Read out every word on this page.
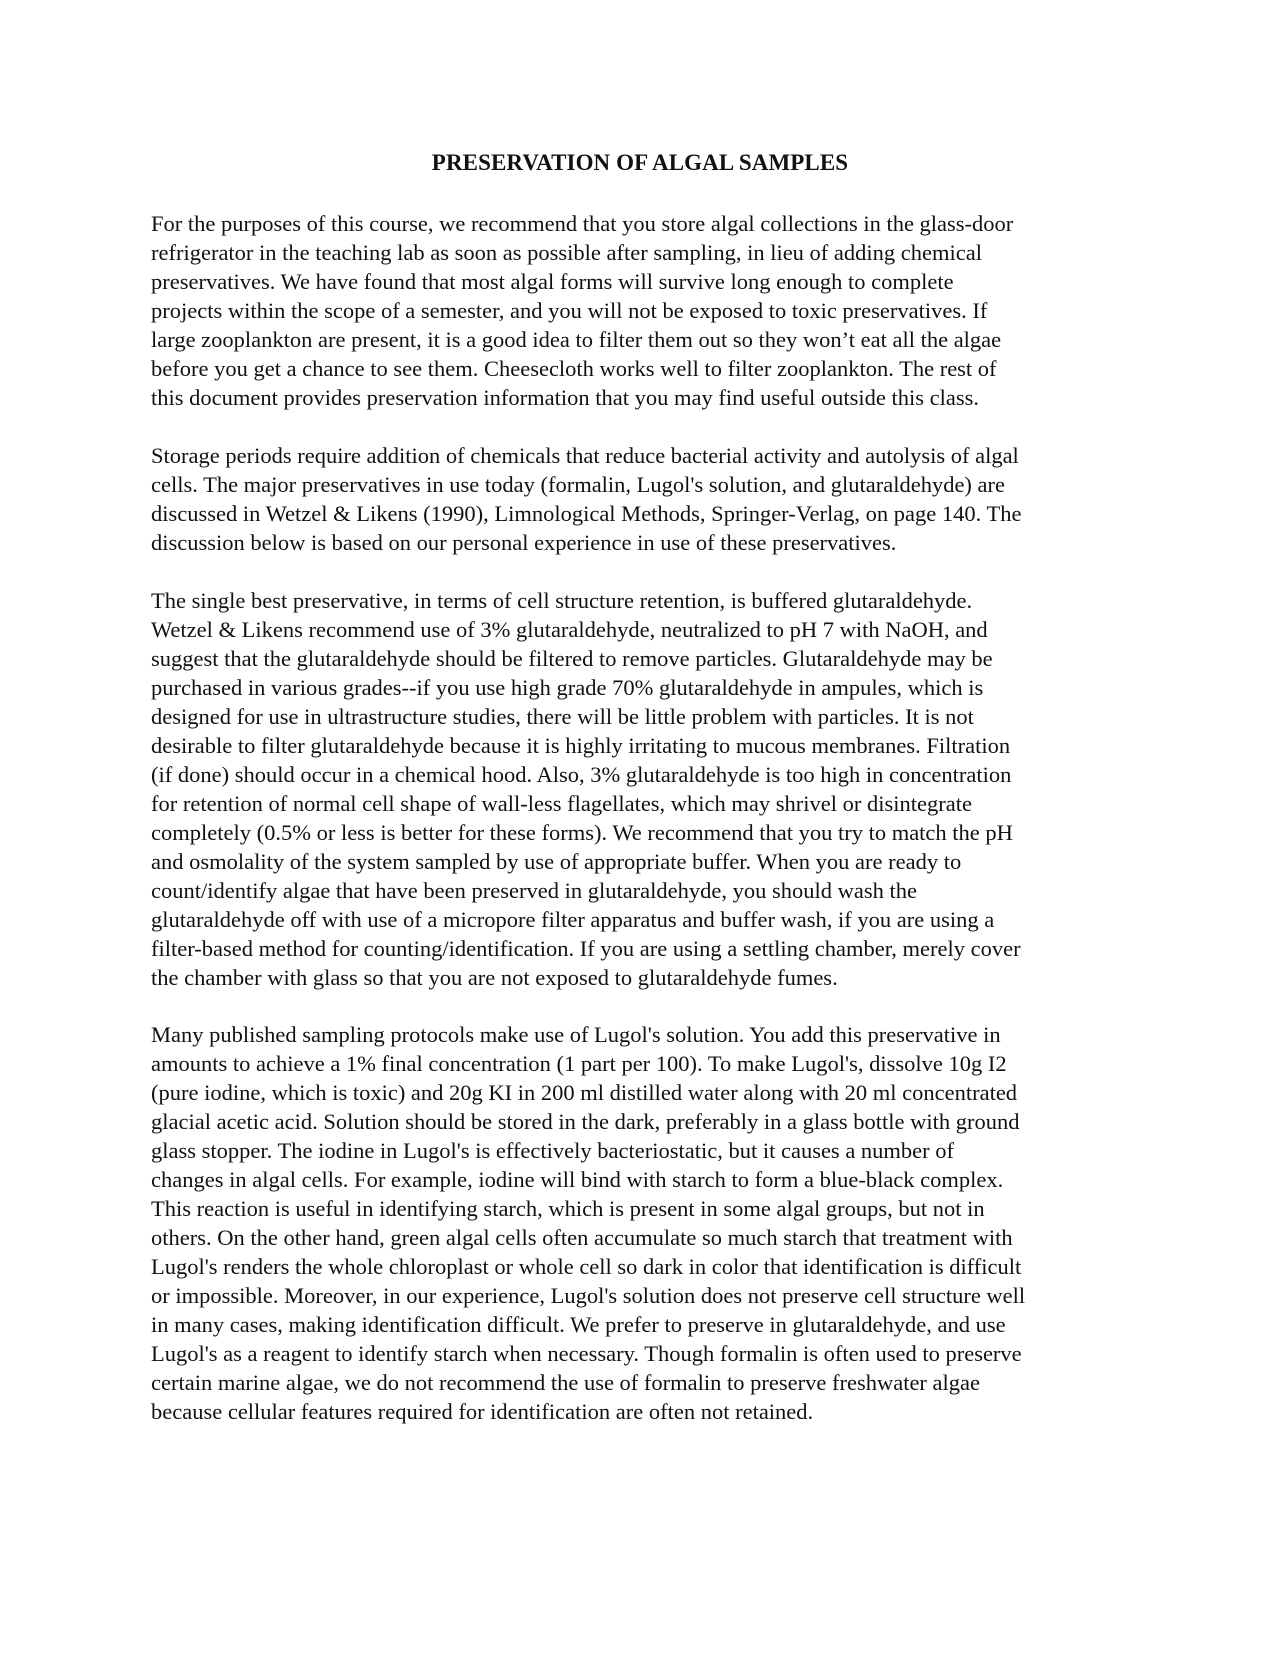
PRESERVATION OF ALGAL SAMPLES
For the purposes of this course, we recommend that you store algal collections in the glass-door
refrigerator in the teaching lab as soon as possible after sampling, in lieu of adding chemical
preservatives. We have found that most algal forms will survive long enough to complete
projects within the scope of a semester, and you will not be exposed to toxic preservatives. If
large zooplankton are present, it is a good idea to filter them out so they won’t eat all the algae
before you get a chance to see them. Cheesecloth works well to filter zooplankton. The rest of
this document provides preservation information that you may find useful outside this class.
Storage periods require addition of chemicals that reduce bacterial activity and autolysis of algal
cells. The major preservatives in use today (formalin, Lugol's solution, and glutaraldehyde) are
discussed in Wetzel & Likens (1990), Limnological Methods, Springer-Verlag, on page 140. The
discussion below is based on our personal experience in use of these preservatives.
The single best preservative, in terms of cell structure retention, is buffered glutaraldehyde.
Wetzel & Likens recommend use of 3% glutaraldehyde, neutralized to pH 7 with NaOH, and
suggest that the glutaraldehyde should be filtered to remove particles. Glutaraldehyde may be
purchased in various grades--if you use high grade 70% glutaraldehyde in ampules, which is
designed for use in ultrastructure studies, there will be little problem with particles. It is not
desirable to filter glutaraldehyde because it is highly irritating to mucous membranes. Filtration
(if done) should occur in a chemical hood. Also, 3% glutaraldehyde is too high in concentration
for retention of normal cell shape of wall-less flagellates, which may shrivel or disintegrate
completely (0.5% or less is better for these forms). We recommend that you try to match the pH
and osmolality of the system sampled by use of appropriate buffer. When you are ready to
count/identify algae that have been preserved in glutaraldehyde, you should wash the
glutaraldehyde off with use of a micropore filter apparatus and buffer wash, if you are using a
filter-based method for counting/identification. If you are using a settling chamber, merely cover
the chamber with glass so that you are not exposed to glutaraldehyde fumes.
Many published sampling protocols make use of Lugol's solution. You add this preservative in
amounts to achieve a 1% final concentration (1 part per 100). To make Lugol's, dissolve 10g I2
(pure iodine, which is toxic) and 20g KI in 200 ml distilled water along with 20 ml concentrated
glacial acetic acid. Solution should be stored in the dark, preferably in a glass bottle with ground
glass stopper. The iodine in Lugol's is effectively bacteriostatic, but it causes a number of
changes in algal cells. For example, iodine will bind with starch to form a blue-black complex.
This reaction is useful in identifying starch, which is present in some algal groups, but not in
others. On the other hand, green algal cells often accumulate so much starch that treatment with
Lugol's renders the whole chloroplast or whole cell so dark in color that identification is difficult
or impossible. Moreover, in our experience, Lugol's solution does not preserve cell structure well
in many cases, making identification difficult. We prefer to preserve in glutaraldehyde, and use
Lugol's as a reagent to identify starch when necessary. Though formalin is often used to preserve
certain marine algae, we do not recommend the use of formalin to preserve freshwater algae
because cellular features required for identification are often not retained.
